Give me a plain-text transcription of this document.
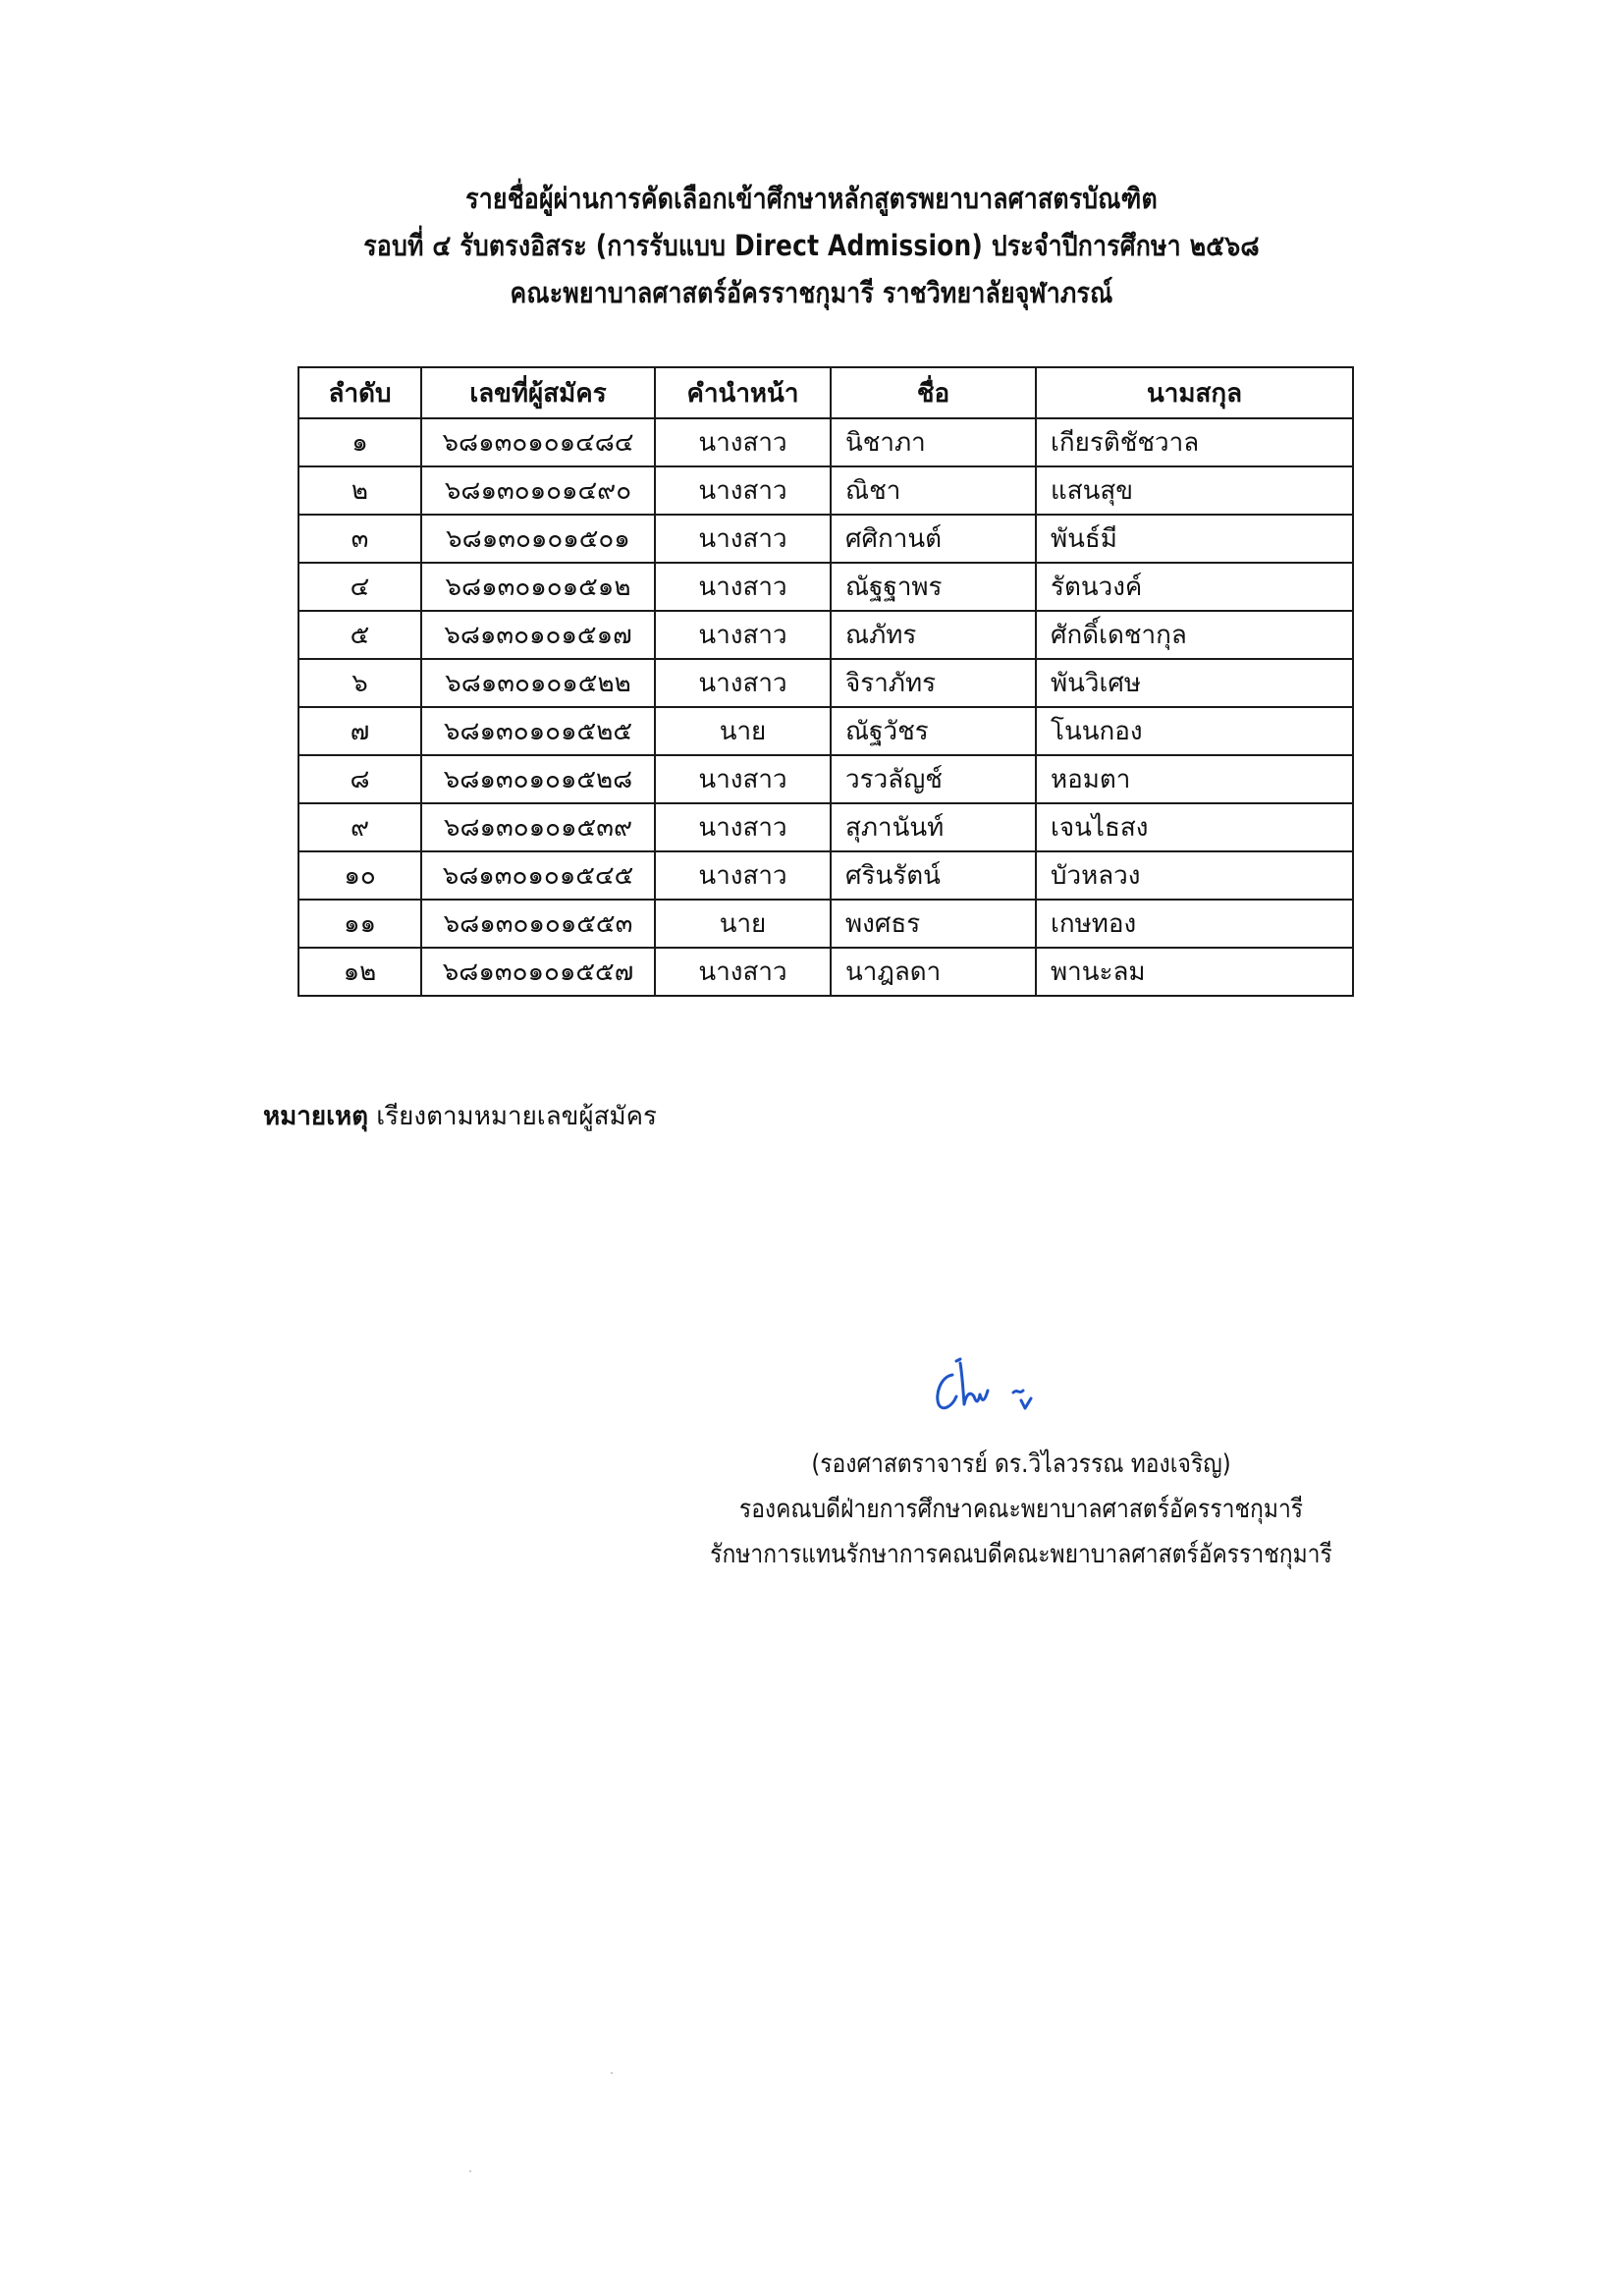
รายชื่อผู้ผ่านการคัดเลือกเข้าศึกษาหลักสูตรพยาบาลศาสตรบัณฑิต
รอบที่ ๔ รับตรงอิสระ (การรับแบบ Direct Admission) ประจำปีการศึกษา ๒๕๖๘
คณะพยาบาลศาสตร์อัครราชกุมารี ราชวิทยาลัยจุฬาภรณ์
ลำดับ	เลขที่ผู้สมัคร	คำนำหน้า	ชื่อ	นามสกุล
๑	๖๘๑๓๐๑๐๑๔๘๔	นางสาว	นิชาภา	เกียรติชัชวาล
๒	๖๘๑๓๐๑๐๑๔๙๐	นางสาว	ณิชา	แสนสุข
๓	๖๘๑๓๐๑๐๑๕๐๑	นางสาว	ศศิกานต์	พันธ์มี
๔	๖๘๑๓๐๑๐๑๕๑๒	นางสาว	ณัฐฐาพร	รัตนวงค์
๕	๖๘๑๓๐๑๐๑๕๑๗	นางสาว	ณภัทร	ศักดิ์เดชากุล
๖	๖๘๑๓๐๑๐๑๕๒๒	นางสาว	จิราภัทร	พันวิเศษ
๗	๖๘๑๓๐๑๐๑๕๒๕	นาย	ณัฐวัชร	โนนกอง
๘	๖๘๑๓๐๑๐๑๕๒๘	นางสาว	วรวลัญช์	หอมตา
๙	๖๘๑๓๐๑๐๑๕๓๙	นางสาว	สุภานันท์	เจนไธสง
๑๐	๖๘๑๓๐๑๐๑๕๔๕	นางสาว	ศรินรัตน์	บัวหลวง
๑๑	๖๘๑๓๐๑๐๑๕๕๓	นาย	พงศธร	เกษทอง
๑๒	๖๘๑๓๐๑๐๑๕๕๗	นางสาว	นาฎลดา	พานะลม
หมายเหตุ เรียงตามหมายเลขผู้สมัคร
(รองศาสตราจารย์ ดร.วิไลวรรณ ทองเจริญ)
รองคณบดีฝ่ายการศึกษาคณะพยาบาลศาสตร์อัครราชกุมารี
รักษาการแทนรักษาการคณบดีคณะพยาบาลศาสตร์อัครราชกุมารี
